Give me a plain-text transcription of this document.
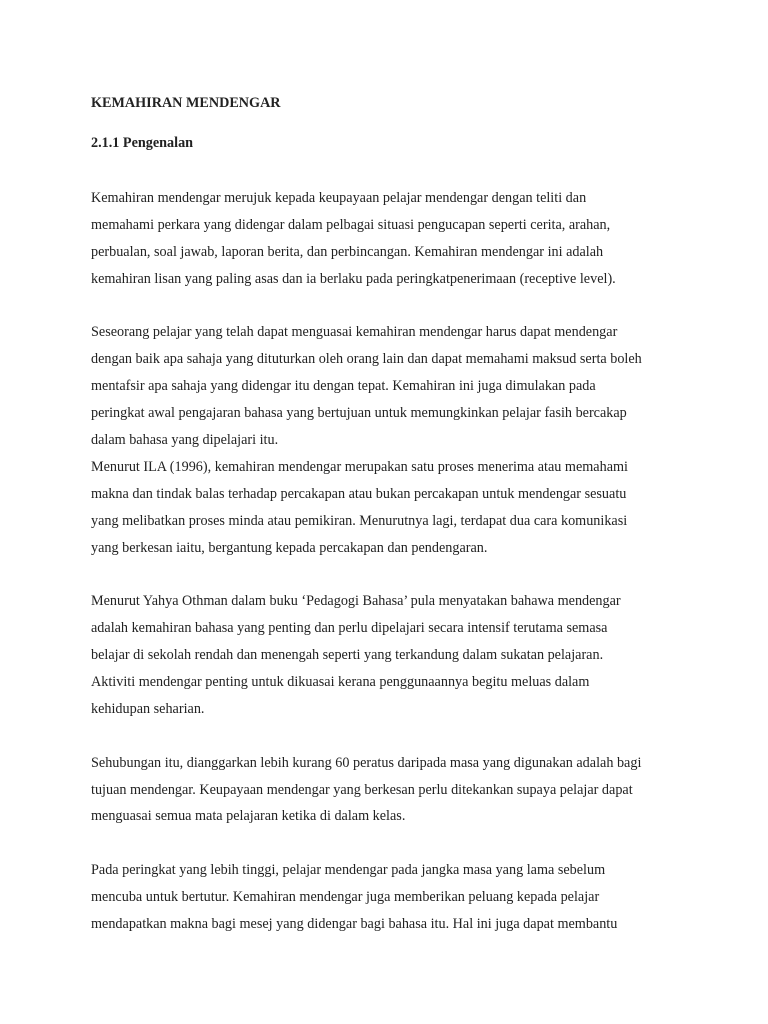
KEMAHIRAN MENDENGAR

2.1.1 Pengenalan

Kemahiran mendengar merujuk kepada keupayaan pelajar mendengar dengan teliti dan
memahami perkara yang didengar dalam pelbagai situasi pengucapan seperti cerita, arahan,
perbualan, soal jawab, laporan berita, dan perbincangan. Kemahiran mendengar ini adalah
kemahiran lisan yang paling asas dan ia berlaku pada peringkatpenerimaan (receptive level).
Seseorang pelajar yang telah dapat menguasai kemahiran mendengar harus dapat mendengar
dengan baik apa sahaja yang dituturkan oleh orang lain dan dapat memahami maksud serta boleh
mentafsir apa sahaja yang didengar itu dengan tepat. Kemahiran ini juga dimulakan pada
peringkat awal pengajaran bahasa yang bertujuan untuk memungkinkan pelajar fasih bercakap
dalam bahasa yang dipelajari itu.
Menurut ILA (1996), kemahiran mendengar merupakan satu proses menerima atau memahami
makna dan tindak balas terhadap percakapan atau bukan percakapan untuk mendengar sesuatu
yang melibatkan proses minda atau pemikiran. Menurutnya lagi, terdapat dua cara komunikasi
yang berkesan iaitu, bergantung kepada percakapan dan pendengaran.
Menurut Yahya Othman dalam buku ‘Pedagogi Bahasa’ pula menyatakan bahawa mendengar
adalah kemahiran bahasa yang penting dan perlu dipelajari secara intensif terutama semasa
belajar di sekolah rendah dan menengah seperti yang terkandung dalam sukatan pelajaran.
Aktiviti mendengar penting untuk dikuasai kerana penggunaannya begitu meluas dalam
kehidupan seharian.
Sehubungan itu, dianggarkan lebih kurang 60 peratus daripada masa yang digunakan adalah bagi
tujuan mendengar. Keupayaan mendengar yang berkesan perlu ditekankan supaya pelajar dapat
menguasai semua mata pelajaran ketika di dalam kelas.
Pada peringkat yang lebih tinggi, pelajar mendengar pada jangka masa yang lama sebelum
mencuba untuk bertutur. Kemahiran mendengar juga memberikan peluang kepada pelajar
mendapatkan makna bagi mesej yang didengar bagi bahasa itu. Hal ini juga dapat membantu
